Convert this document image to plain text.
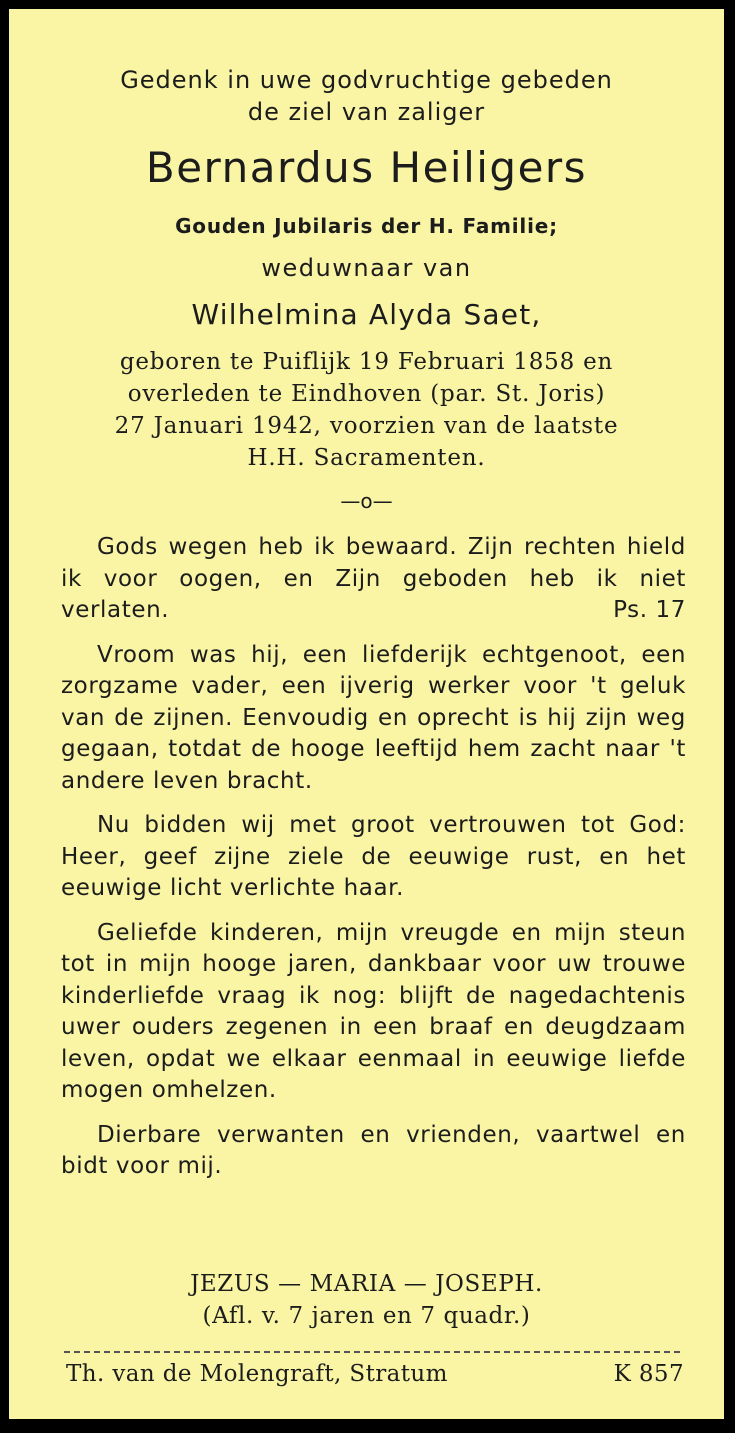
Gedenk in uwe godvruchtige gebeden
de ziel van zaliger
Bernardus Heiligers
Gouden Jubilaris der H. Familie;
weduwnaar van
Wilhelmina Alyda Saet,
geboren te Puiflijk 19 Februari 1858 en
overleden te Eindhoven (par. St. Joris)
27 Januari 1942, voorzien van de laatste
H.H. Sacramenten.
—o—

Gods wegen heb ik bewaard. Zijn rechten hield ik voor oogen, en Zijn geboden heb ik niet verlaten.	Ps. 17

Vroom was hij, een liefderijk echtgenoot, een zorgzame vader, een ijverig werker voor 't geluk van de zijnen. Eenvoudig en oprecht is hij zijn weg gegaan, totdat de hooge leeftijd hem zacht naar 't andere leven bracht.

Nu bidden wij met groot vertrouwen tot God: Heer, geef zijne ziele de eeuwige rust, en het eeuwige licht verlichte haar.

Geliefde kinderen, mijn vreugde en mijn steun tot in mijn hooge jaren, dankbaar voor uw trouwe kinderliefde vraag ik nog: blijft de nagedachtenis uwer ouders zegenen in een braaf en deugdzaam leven, opdat we elkaar eenmaal in eeuwige liefde mogen omhelzen.

Dierbare verwanten en vrienden, vaartwel en bidt voor mij.

JEZUS — MARIA — JOSEPH.
(Afl. v. 7 jaren en 7 quadr.)
Th. van de Molengraft, Stratum	K 857
